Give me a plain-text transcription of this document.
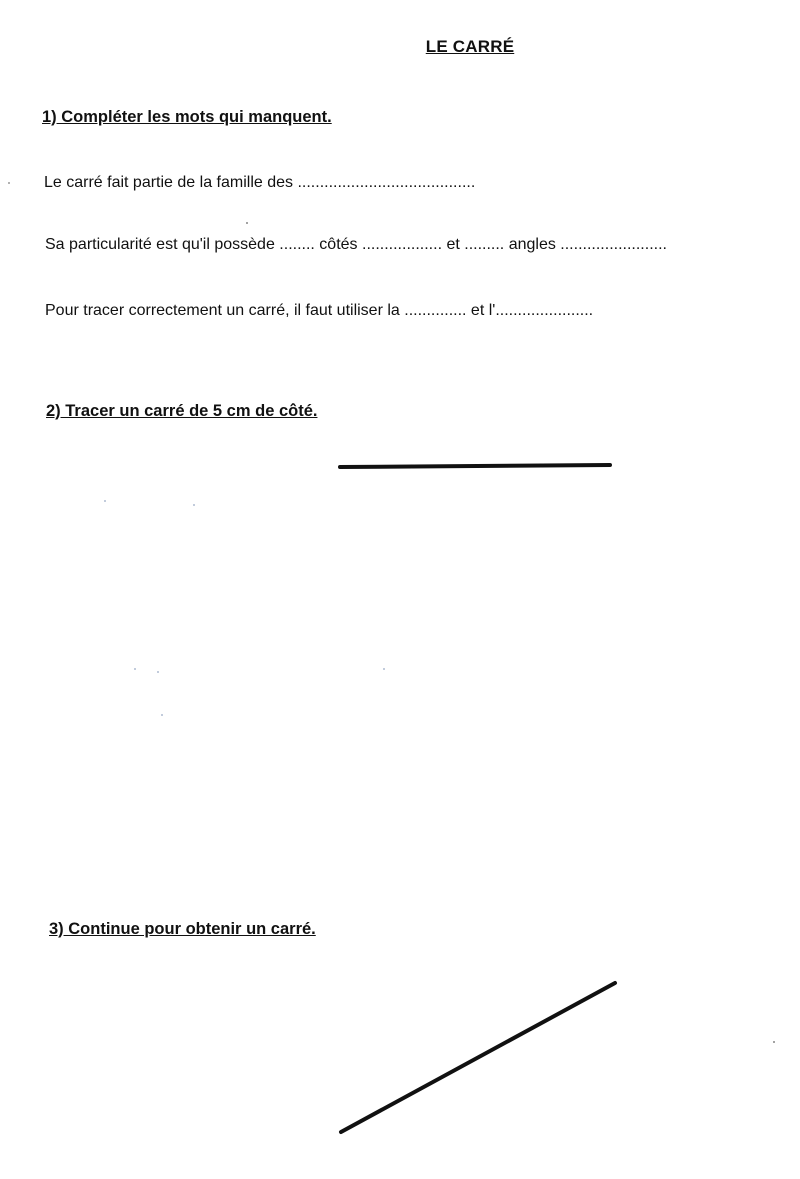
LE CARRÉ
1) Compléter les mots qui manquent.
Le carré fait partie de la famille des ........................................
Sa particularité est qu'il possède ........ côtés .................. et ......... angles ........................
Pour tracer correctement un carré, il faut utiliser la .............. et l'......................
2) Tracer un carré de 5 cm de côté.
3) Continue pour obtenir un carré.
